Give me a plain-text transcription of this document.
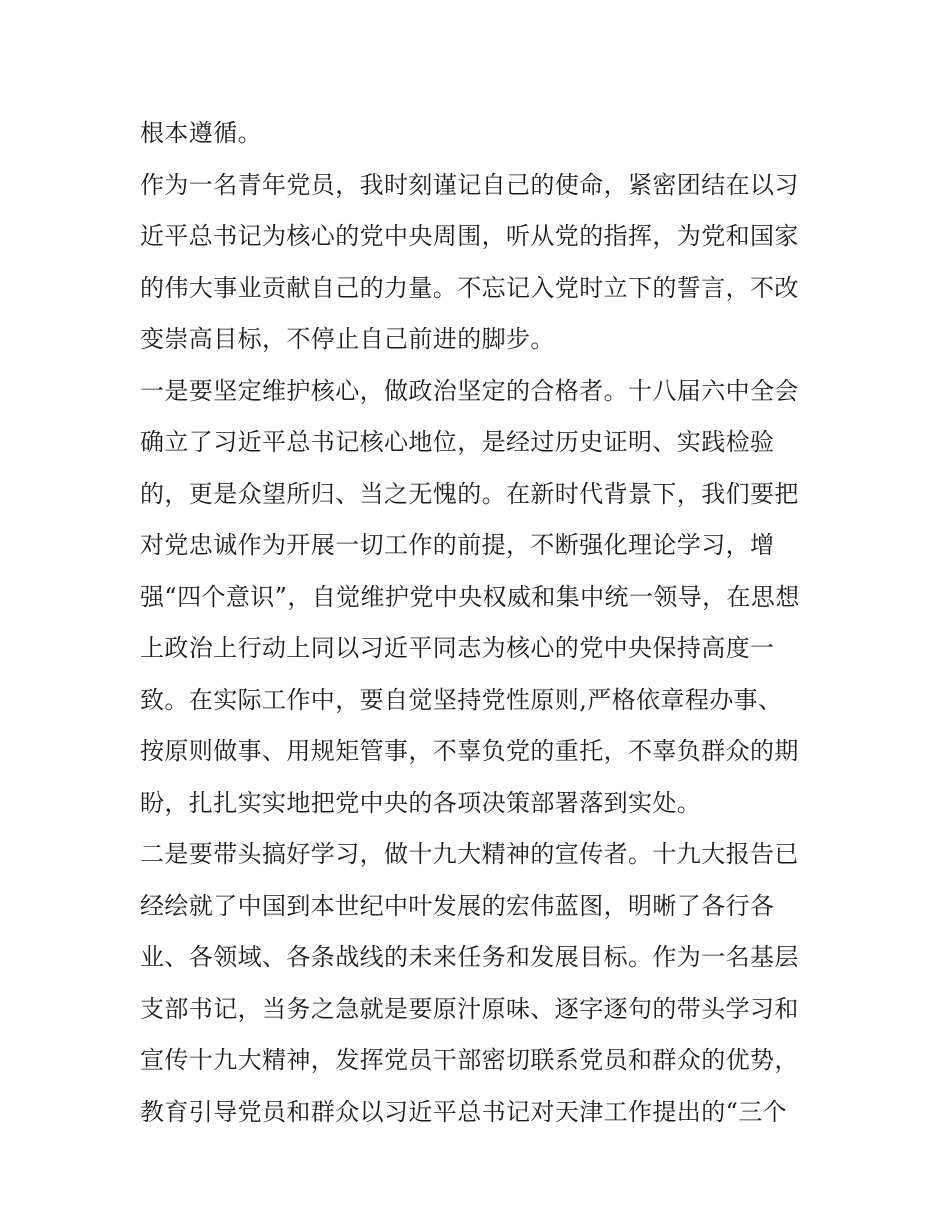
根本遵循。
作为一名青年党员，我时刻谨记自己的使命，紧密团结在以习
近平总书记为核心的党中央周围，听从党的指挥，为党和国家
的伟大事业贡献自己的力量。不忘记入党时立下的誓言，不改
变崇高目标，不停止自己前进的脚步。
一是要坚定维护核心，做政治坚定的合格者。十八届六中全会
确立了习近平总书记核心地位，是经过历史证明、实践检验
的，更是众望所归、当之无愧的。在新时代背景下，我们要把
对党忠诚作为开展一切工作的前提，不断强化理论学习，增
强“四个意识”，自觉维护党中央权威和集中统一领导，在思想
上政治上行动上同以习近平同志为核心的党中央保持高度一
致。在实际工作中，要自觉坚持党性原则,严格依章程办事、
按原则做事、用规矩管事，不辜负党的重托，不辜负群众的期
盼，扎扎实实地把党中央的各项决策部署落到实处。
二是要带头搞好学习，做十九大精神的宣传者。十九大报告已
经绘就了中国到本世纪中叶发展的宏伟蓝图，明晰了各行各
业、各领域、各条战线的未来任务和发展目标。作为一名基层
支部书记，当务之急就是要原汁原味、逐字逐句的带头学习和
宣传十九大精神，发挥党员干部密切联系党员和群众的优势，
教育引导党员和群众以习近平总书记对天津工作提出的“三个
